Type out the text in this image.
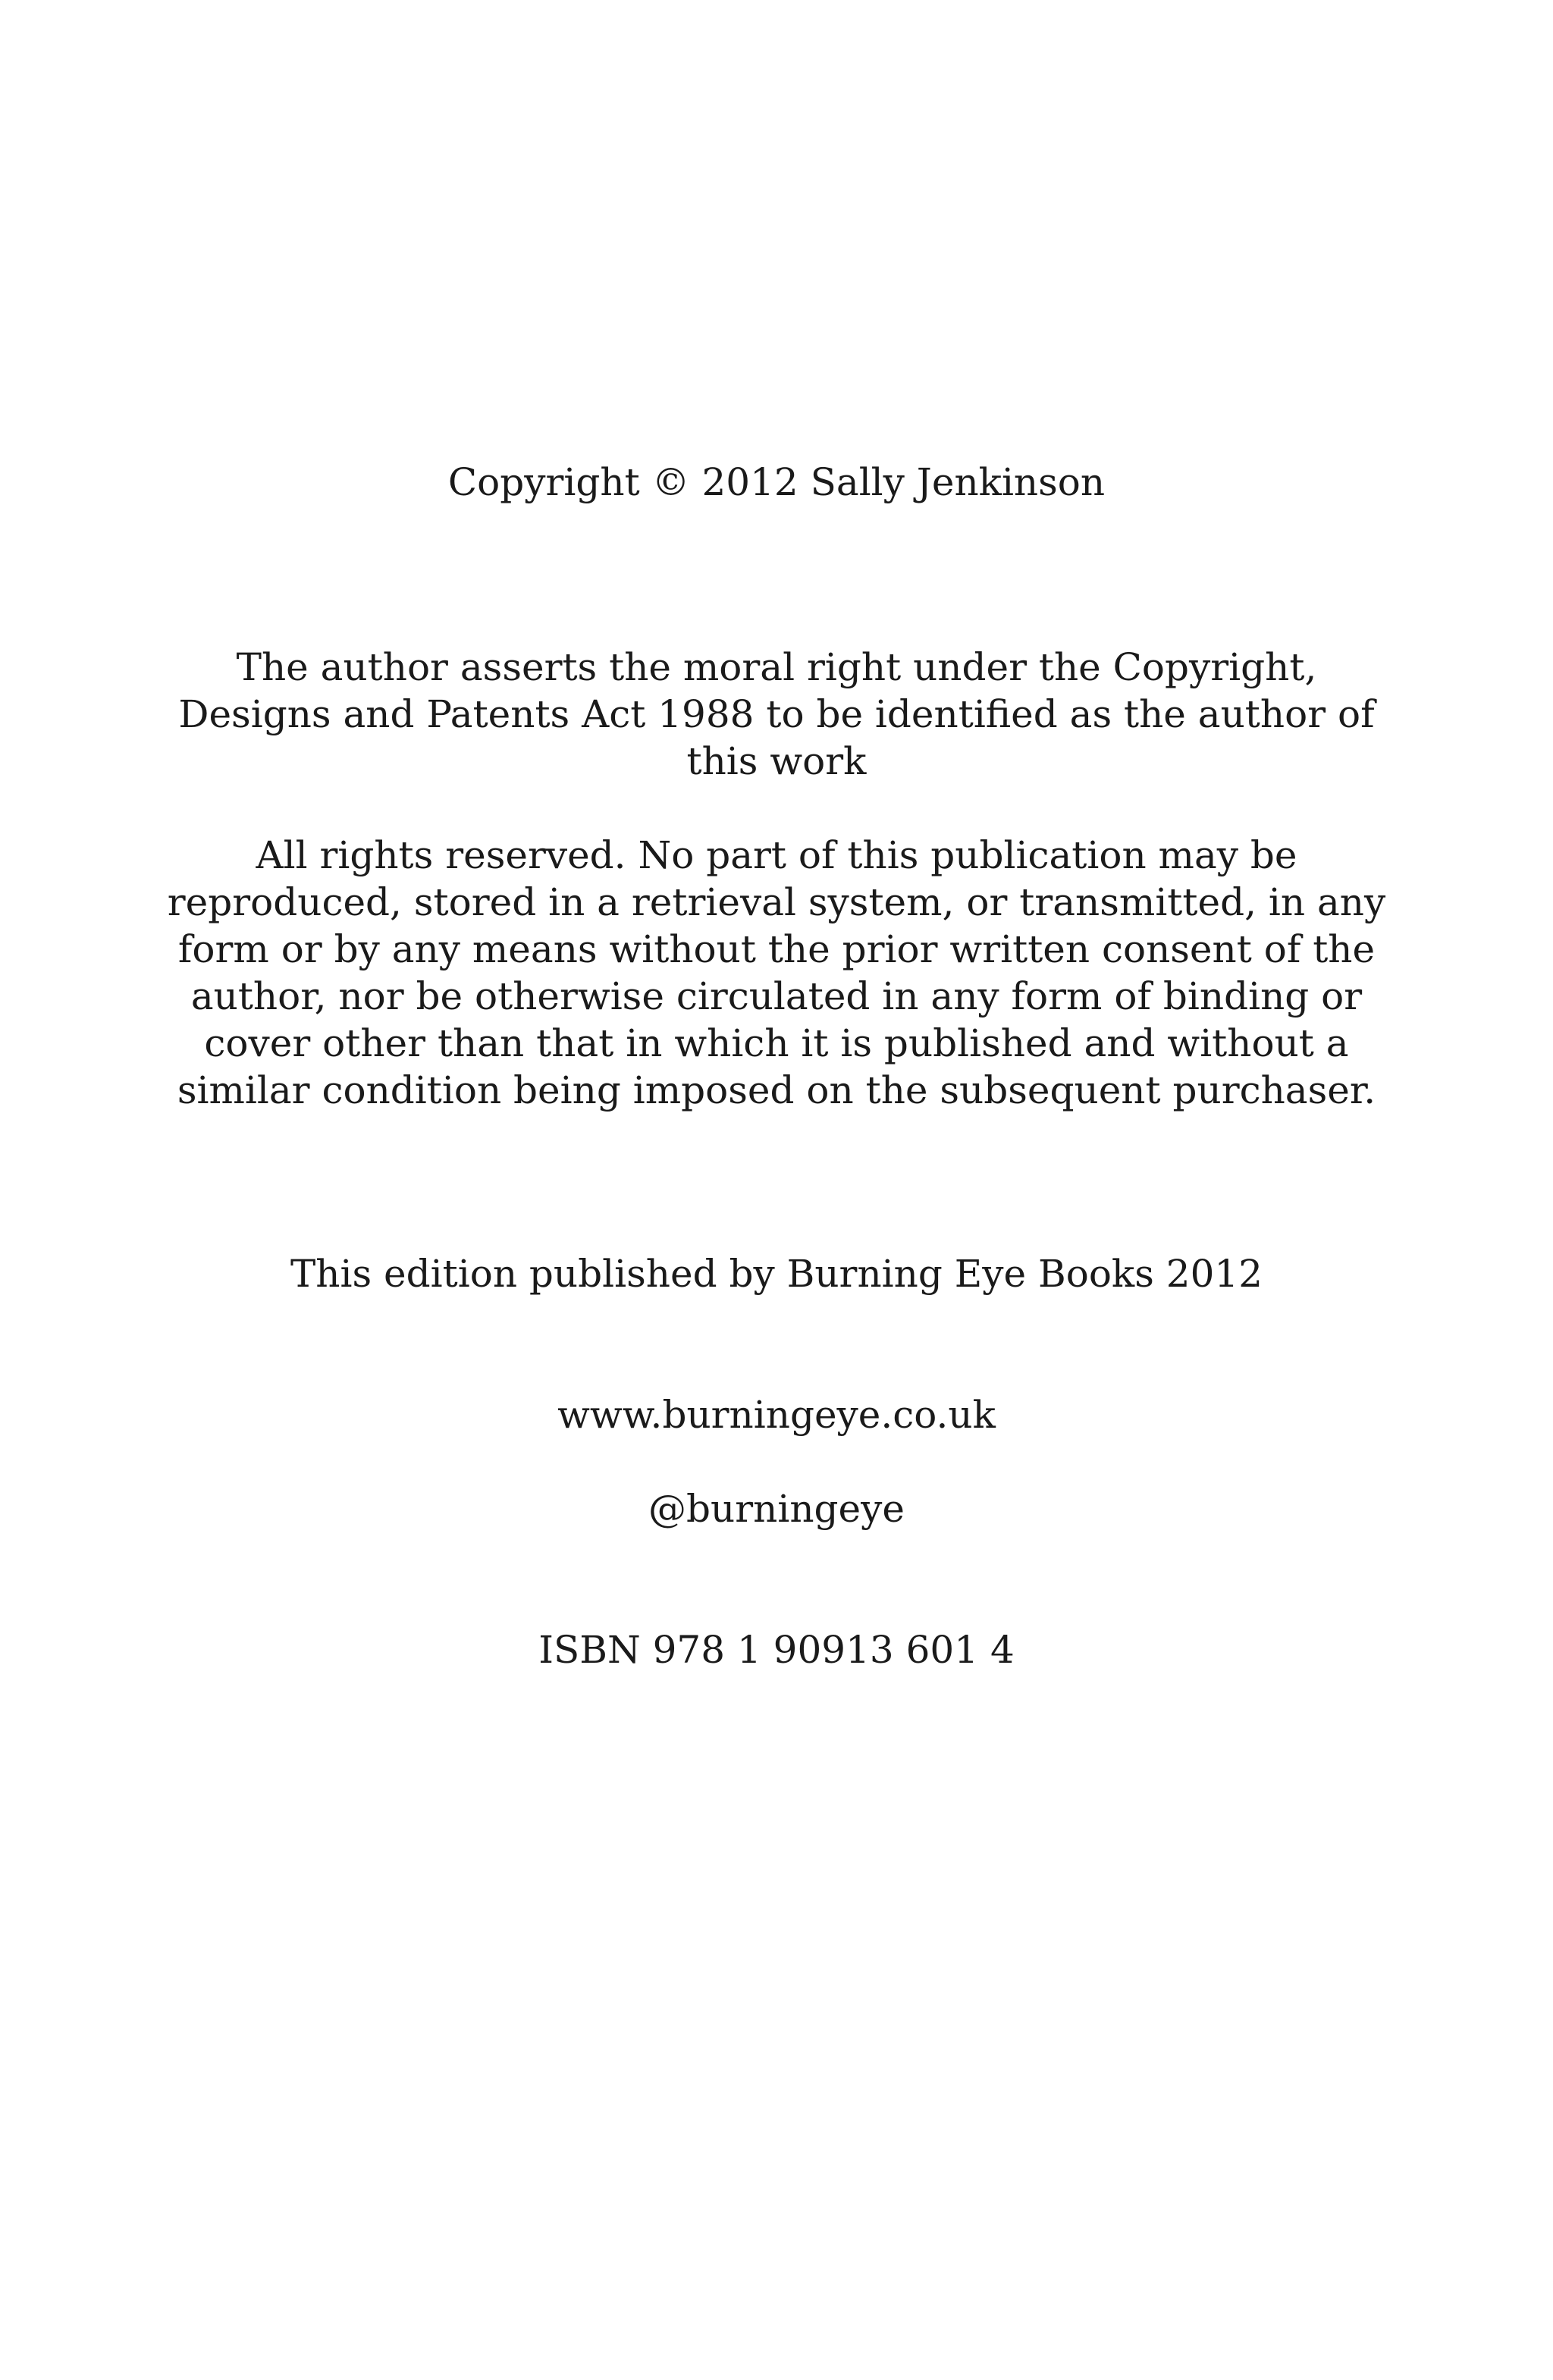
Copyright © 2012 Sally Jenkinson
The author asserts the moral right under the Copyright,
Designs and Patents Act 1988 to be identified as the author of
this work
All rights reserved. No part of this publication may be
reproduced, stored in a retrieval system, or transmitted, in any
form or by any means without the prior written consent of the
author, nor be otherwise circulated in any form of binding or
cover other than that in which it is published and without a
similar condition being imposed on the subsequent purchaser.
This edition published by Burning Eye Books 2012
www.burningeye.co.uk
@burningeye
ISBN 978 1 90913 601 4
